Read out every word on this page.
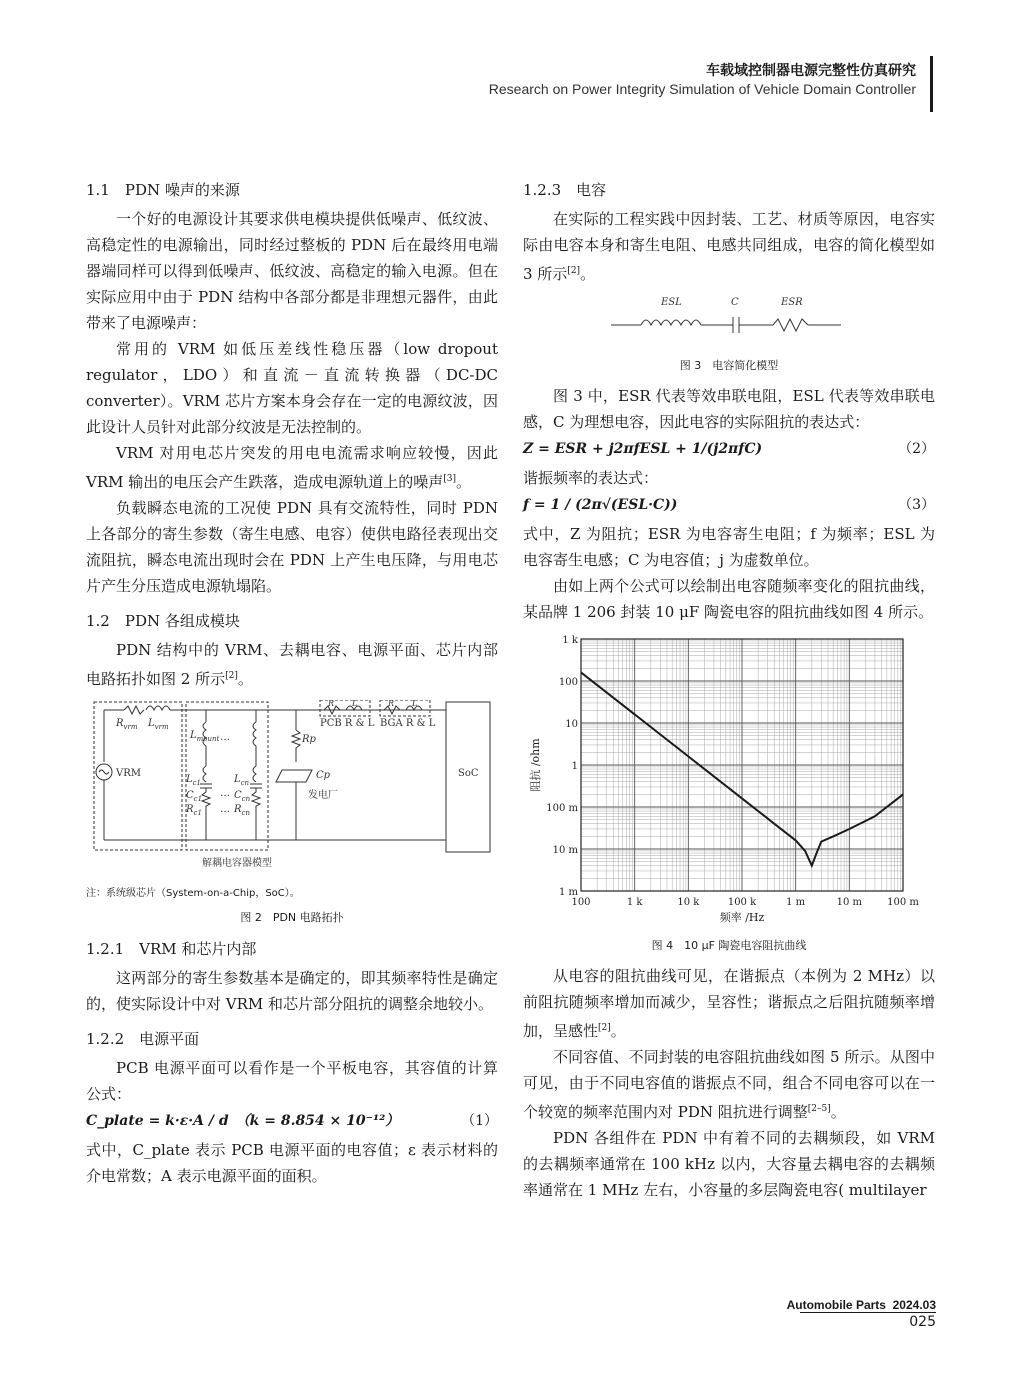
车载域控制器电源完整性仿真研究
Research on Power Integrity Simulation of Vehicle Domain Controller
1.1　PDN 噪声的来源

一个好的电源设计其要求供电模块提供低噪声、低纹波、高稳定性的电源输出，同时经过整板的 PDN 后在最终用电端器端同样可以得到低噪声、低纹波、高稳定的输入电源。但在实际应用中由于 PDN 结构中各部分都是非理想元器件，由此带来了电源噪声：

常用的 VRM 如低压差线性稳压器（low dropout regulator，LDO）和直流－直流转换器（DC-DC converter）。VRM 芯片方案本身会存在一定的电源纹波，因此设计人员针对此部分纹波是无法控制的。

VRM 对用电芯片突发的用电电流需求响应较慢，因此 VRM 输出的电压会产生跌落，造成电源轨道上的噪声[3]。

负载瞬态电流的工况使 PDN 具有交流特性，同时 PDN 上各部分的寄生参数（寄生电感、电容）使供电路径表现出交流阻抗，瞬态电流出现时会在 PDN 上产生电压降，与用电芯片产生分压造成电源轨塌陷。

1.2　PDN 各组成模块

PDN 结构中的 VRM、去耦电容、电源平面、芯片内部电路拓扑如图 2 所示[2]。

$R_{vrm}$ $L_{vrm}$
$L_{mount}$
$L_{c1}$
$C_{c1}$
$R_{c1}$
$L_{cn}$
$C_{cn}$
$R_{cn}$
R L	R L
Rp
Cp
VRM
…
…
…
PCB R & L BGA R & L
发电厂
SoC
解耦电容器模型
注：系统级芯片（System-on-a-Chip，SoC）。
图 2　PDN 电路拓扑
1.2.1　VRM 和芯片内部

这两部分的寄生参数基本是确定的，即其频率特性是确定的，使实际设计中对 VRM 和芯片部分阻抗的调整余地较小。

1.2.2　电源平面

PCB 电源平面可以看作是一个平板电容，其容值的计算公式：

C_plate = k·ε·A / d　（k = 8.854 × 10⁻¹²）	（1）

式中，C_plate 表示 PCB 电源平面的电容值；ε 表示材料的介电常数；A 表示电源平面的面积。

1.2.3　电容

在实际的工程实践中因封装、工艺、材质等原因，电容实际由电容本身和寄生电阻、电感共同组成，电容的简化模型如 3 所示[2]。

ESL	C	ESR
图 3　电容简化模型

图 3 中，ESR 代表等效串联电阻，ESL 代表等效串联电感，C 为理想电容，因此电容的实际阻抗的表达式：

Z = ESR + j2πfESL + 1/(j2πfC)	（2）

谐振频率的表达式：

f = 1 / (2π√(ESL·C))	（3）

式中，Z 为阻抗；ESR 为电容寄生电阻；f 为频率；ESL 为电容寄生电感；C 为电容值；j 为虚数单位。

由如上两个公式可以绘制出电容随频率变化的阻抗曲线，某品牌 1 206 封装 10 μF 陶瓷电容的阻抗曲线如图 4 所示。

100	1 k	10 k	100 k	1 m	10 m	100 m
1 m
10 m
100 m
1
10
100
1 k
频率 /Hz
阻抗 /ohm
图 4　10 μF 陶瓷电容阻抗曲线

从电容的阻抗曲线可见，在谐振点（本例为 2 MHz）以前阻抗随频率增加而减少，呈容性；谐振点之后阻抗随频率增加，呈感性[2]。

不同容值、不同封装的电容阻抗曲线如图 5 所示。从图中可见，由于不同电容值的谐振点不同，组合不同电容可以在一个较宽的频率范围内对 PDN 阻抗进行调整[2–5]。

PDN 各组件在 PDN 中有着不同的去耦频段，如 VRM 的去耦频率通常在 100 kHz 以内，大容量去耦电容的去耦频率通常在 1 MHz 左右，小容量的多层陶瓷电容( multilayer

Automobile Parts  2024.03
025
